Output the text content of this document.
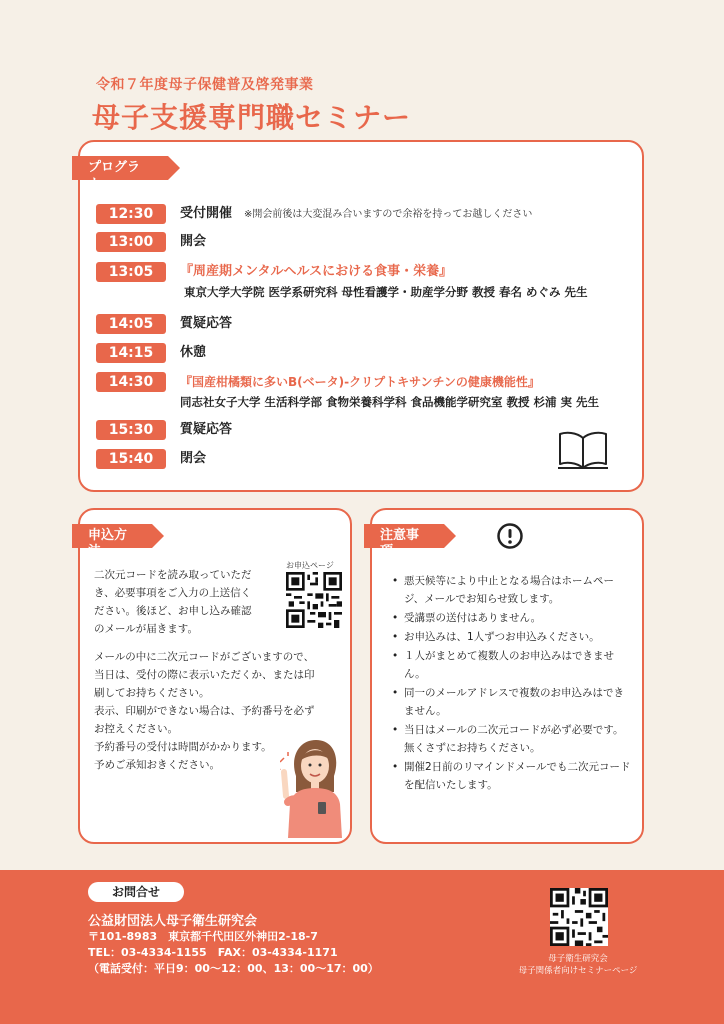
令和７年度母子保健普及啓発事業
母子支援専門職セミナー
プログラム
12:30	受付開催 ※開会前後は大変混み合いますので余裕を持ってお越しください
13:00	開会
13:05	『周産期メンタルヘルスにおける食事・栄養』
東京大学大学院 医学系研究科 母性看護学・助産学分野 教授 春名 めぐみ 先生
14:05	質疑応答
14:15	休憩
14:30	『国産柑橘類に多いB(ベータ)‐クリプトキサンチンの健康機能性』
同志社女子大学 生活科学部 食物栄養科学科 食品機能学研究室 教授 杉浦 実 先生
15:30	質疑応答
15:40	閉会
申込方法
お申込ページ
二次元コードを読み取っていただ
き、必要事項をご入力の上送信く
ださい。後ほど、お申し込み確認
のメールが届きます。
メールの中に二次元コードがございますので、
当日は、受付の際に表示いただくか、または印
刷してお持ちください。
表示、印刷ができない場合は、予約番号を必ず
お控えください。
予約番号の受付は時間がかかります。
予めご承知おきください。
注意事項
• 悪天候等により中止となる場合はホームページ、メールでお知らせ致します。
• 受講票の送付はありません。
• お申込みは、1人ずつお申込みください。
• １人がまとめて複数人のお申込みはできません。
• 同一のメールアドレスで複数のお申込みはできません。
• 当日はメールの二次元コードが必ず必要です。無くさずにお持ちください。
• 開催2日前のリマインドメールでも二次元コードを配信いたします。
お問合せ
公益財団法人母子衛生研究会
〒101-8983　東京都千代田区外神田2-18-7
TEL：03-4334-1155　FAX：03-4334-1171
（電話受付：平日9：00〜12：00、13：00〜17：00）
母子衛生研究会
母子関係者向けセミナーページ
